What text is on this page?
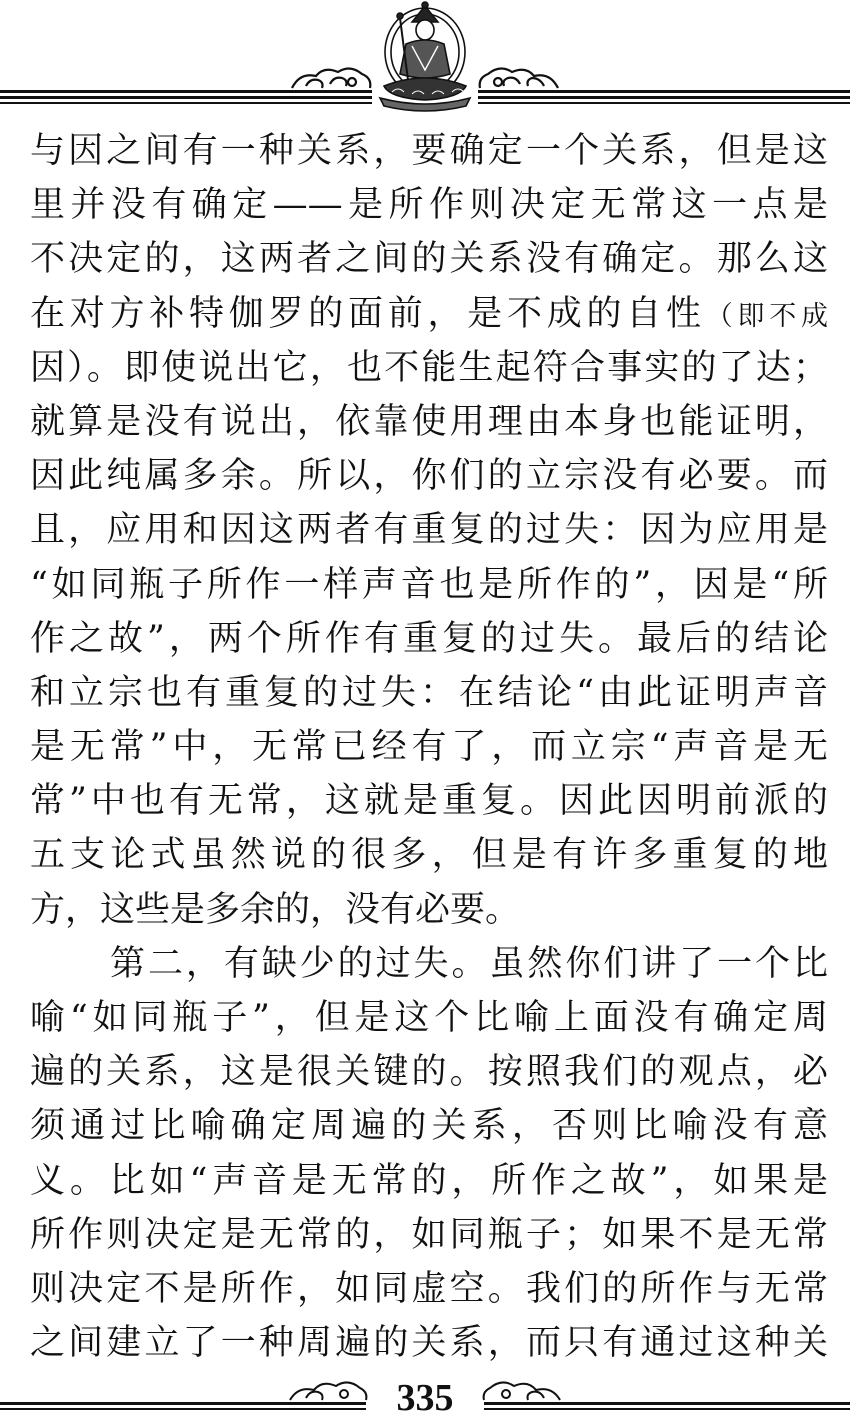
与因之间有一种关系，要确定一个关系，但是这
里并没有确定——是所作则决定无常这一点是
不决定的，这两者之间的关系没有确定。那么这
在对方补特伽罗的面前，是不成的自性（即不成
因）。即使说出它，也不能生起符合事实的了达；
就算是没有说出，依靠使用理由本身也能证明，
因此纯属多余。所以，你们的立宗没有必要。而
且，应用和因这两者有重复的过失：因为应用是
“如同瓶子所作一样声音也是所作的”，因是“所
作之故”，两个所作有重复的过失。最后的结论
和立宗也有重复的过失：在结论“由此证明声音
是无常”中，无常已经有了，而立宗“声音是无
常”中也有无常，这就是重复。因此因明前派的
五支论式虽然说的很多，但是有许多重复的地
方，这些是多余的，没有必要。
第二，有缺少的过失。虽然你们讲了一个比
喻“如同瓶子”，但是这个比喻上面没有确定周
遍的关系，这是很关键的。按照我们的观点，必
须通过比喻确定周遍的关系，否则比喻没有意
义。比如“声音是无常的，所作之故”，如果是
所作则决定是无常的，如同瓶子；如果不是无常
则决定不是所作，如同虚空。我们的所作与无常
之间建立了一种周遍的关系，而只有通过这种关
335
